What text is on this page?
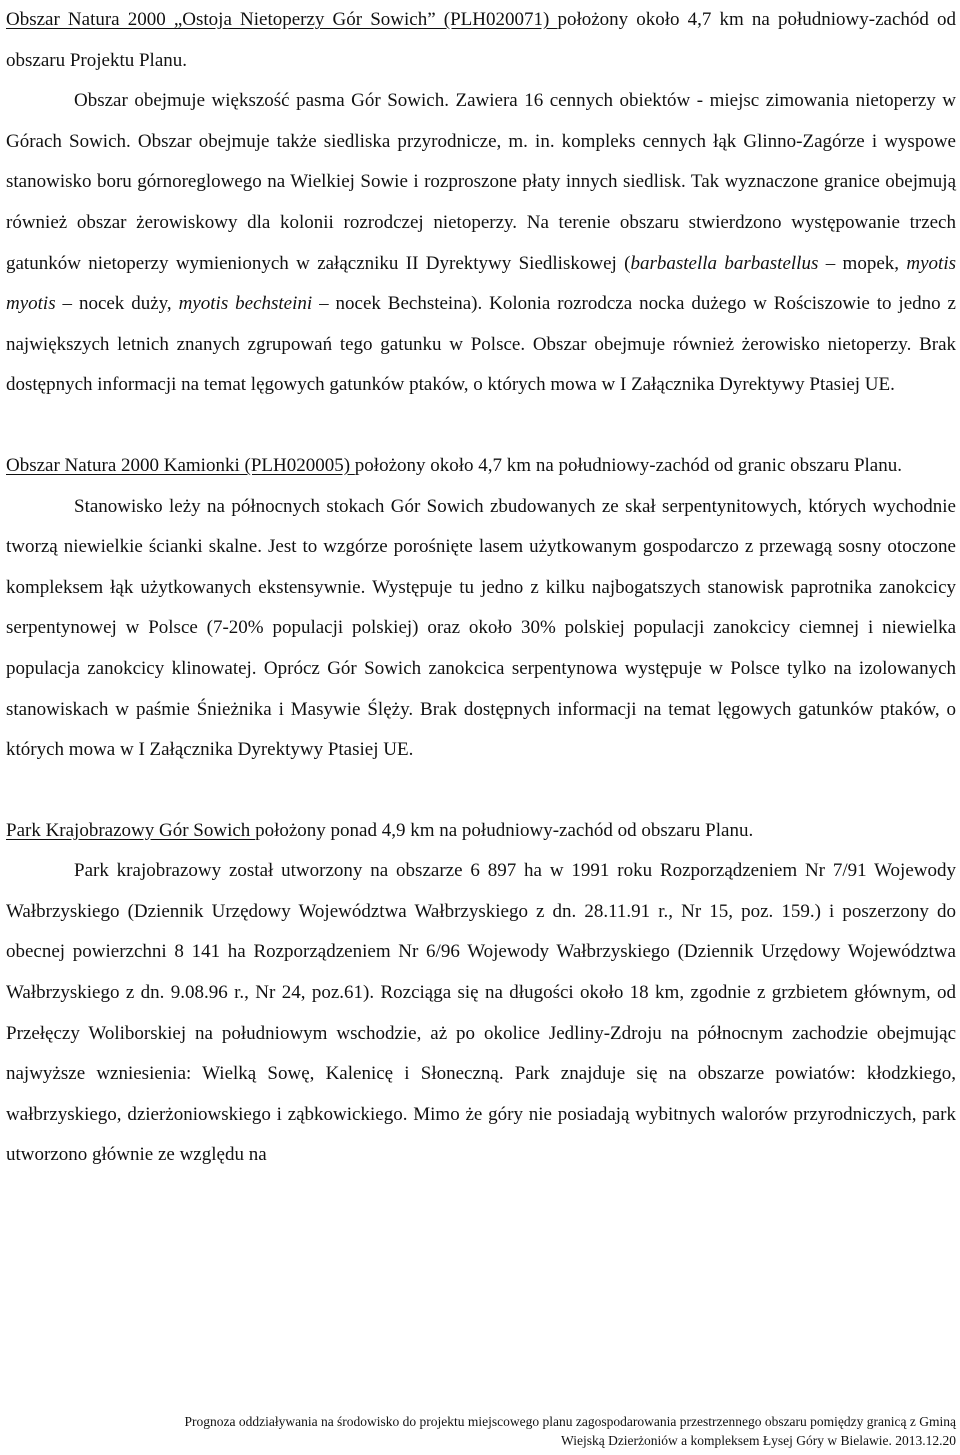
Obszar Natura 2000 „Ostoja Nietoperzy Gór Sowich” (PLH020071) położony około 4,7 km na południowy-zachód od obszaru Projektu Planu.

Obszar obejmuje większość pasma Gór Sowich. Zawiera 16 cennych obiektów - miejsc zimowania nietoperzy w Górach Sowich. Obszar obejmuje także siedliska przyrodnicze, m. in. kompleks cennych łąk Glinno-Zagórze i wyspowe stanowisko boru górnoreglowego na Wielkiej Sowie i rozproszone płaty innych siedlisk. Tak wyznaczone granice obejmują również obszar żerowiskowy dla kolonii rozrodczej nietoperzy. Na terenie obszaru stwierdzono występowanie trzech gatunków nietoperzy wymienionych w załączniku II Dyrektywy Siedliskowej (barbastella barbastellus – mopek, myotis myotis – nocek duży, myotis bechsteini – nocek Bechsteina). Kolonia rozrodcza nocka dużego w Rościszowie to jedno z największych letnich znanych zgrupowań tego gatunku w Polsce. Obszar obejmuje również żerowisko nietoperzy. Brak dostępnych informacji na temat lęgowych gatunków ptaków, o których mowa w I Załącznika Dyrektywy Ptasiej UE.

Obszar Natura 2000 Kamionki (PLH020005) położony około 4,7 km na południowy-zachód od granic obszaru Planu.

Stanowisko leży na północnych stokach Gór Sowich zbudowanych ze skał serpentynitowych, których wychodnie tworzą niewielkie ścianki skalne. Jest to wzgórze porośnięte lasem użytkowanym gospodarczo z przewagą sosny otoczone kompleksem łąk użytkowanych ekstensywnie. Występuje tu jedno z kilku najbogatszych stanowisk paprotnika zanokcicy serpentynowej w Polsce (7-20% populacji polskiej) oraz około 30% polskiej populacji zanokcicy ciemnej i niewielka populacja zanokcicy klinowatej. Oprócz Gór Sowich zanokcica serpentynowa występuje w Polsce tylko na izolowanych stanowiskach w paśmie Śnieżnika i Masywie Ślęży. Brak dostępnych informacji na temat lęgowych gatunków ptaków, o których mowa w I Załącznika Dyrektywy Ptasiej UE.

Park Krajobrazowy Gór Sowich położony ponad 4,9 km na południowy-zachód od obszaru Planu.

Park krajobrazowy został utworzony na obszarze 6 897 ha w 1991 roku Rozporządzeniem Nr 7/91 Wojewody Wałbrzyskiego (Dziennik Urzędowy Województwa Wałbrzyskiego z dn. 28.11.91 r., Nr 15, poz. 159.) i poszerzony do obecnej powierzchni 8 141 ha Rozporządzeniem Nr 6/96 Wojewody Wałbrzyskiego (Dziennik Urzędowy Województwa Wałbrzyskiego z dn. 9.08.96 r., Nr 24, poz.61). Rozciąga się na długości około 18 km, zgodnie z grzbietem głównym, od Przełęczy Woliborskiej na południowym wschodzie, aż po okolice Jedliny-Zdroju na północnym zachodzie obejmując najwyższe wzniesienia: Wielką Sowę, Kalenicę i Słoneczną. Park znajduje się na obszarze powiatów: kłodzkiego, wałbrzyskiego, dzierżoniowskiego i ząbkowickiego. Mimo że góry nie posiadają wybitnych walorów przyrodniczych, park utworzono głównie ze względu na

Prognoza oddziaływania na środowisko do projektu miejscowego planu zagospodarowania przestrzennego obszaru pomiędzy granicą z Gminą
Wiejską Dzierżoniów a kompleksem Łysej Góry w Bielawie. 2013.12.20
